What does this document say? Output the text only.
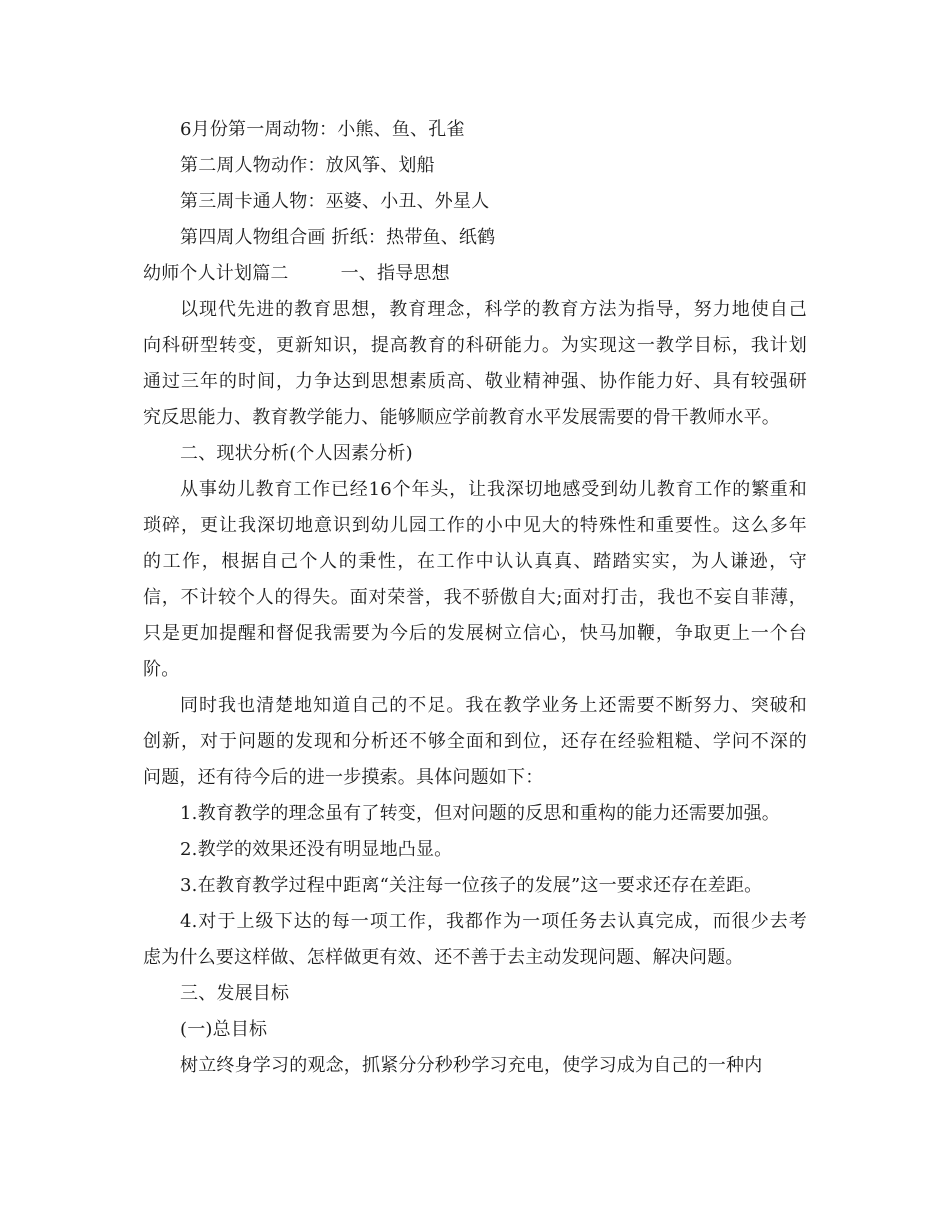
6月份第一周动物：小熊、鱼、孔雀
第二周人物动作：放风筝、划船
第三周卡通人物：巫婆、小丑、外星人
第四周人物组合画 折纸：热带鱼、纸鹤
幼师个人计划篇二	一、指导思想
以现代先进的教育思想，教育理念，科学的教育方法为指导，努力地使自己
向科研型转变，更新知识，提高教育的科研能力。为实现这一教学目标，我计划
通过三年的时间，力争达到思想素质高、敬业精神强、协作能力好、具有较强研
究反思能力、教育教学能力、能够顺应学前教育水平发展需要的骨干教师水平。
二、现状分析(个人因素分析)
从事幼儿教育工作已经16个年头，让我深切地感受到幼儿教育工作的繁重和
琐碎，更让我深切地意识到幼儿园工作的小中见大的特殊性和重要性。这么多年
的工作，根据自己个人的秉性，在工作中认认真真、踏踏实实，为人谦逊，守
信，不计较个人的得失。面对荣誉，我不骄傲自大;面对打击，我也不妄自菲薄，
只是更加提醒和督促我需要为今后的发展树立信心，快马加鞭，争取更上一个台
阶。
同时我也清楚地知道自己的不足。我在教学业务上还需要不断努力、突破和
创新，对于问题的发现和分析还不够全面和到位，还存在经验粗糙、学问不深的
问题，还有待今后的进一步摸索。具体问题如下：
1.教育教学的理念虽有了转变，但对问题的反思和重构的能力还需要加强。
2.教学的效果还没有明显地凸显。
3.在教育教学过程中距离“关注每一位孩子的发展”这一要求还存在差距。
4.对于上级下达的每一项工作，我都作为一项任务去认真完成，而很少去考
虑为什么要这样做、怎样做更有效、还不善于去主动发现问题、解决问题。
三、发展目标
(一)总目标
树立终身学习的观念，抓紧分分秒秒学习充电，使学习成为自己的一种内
